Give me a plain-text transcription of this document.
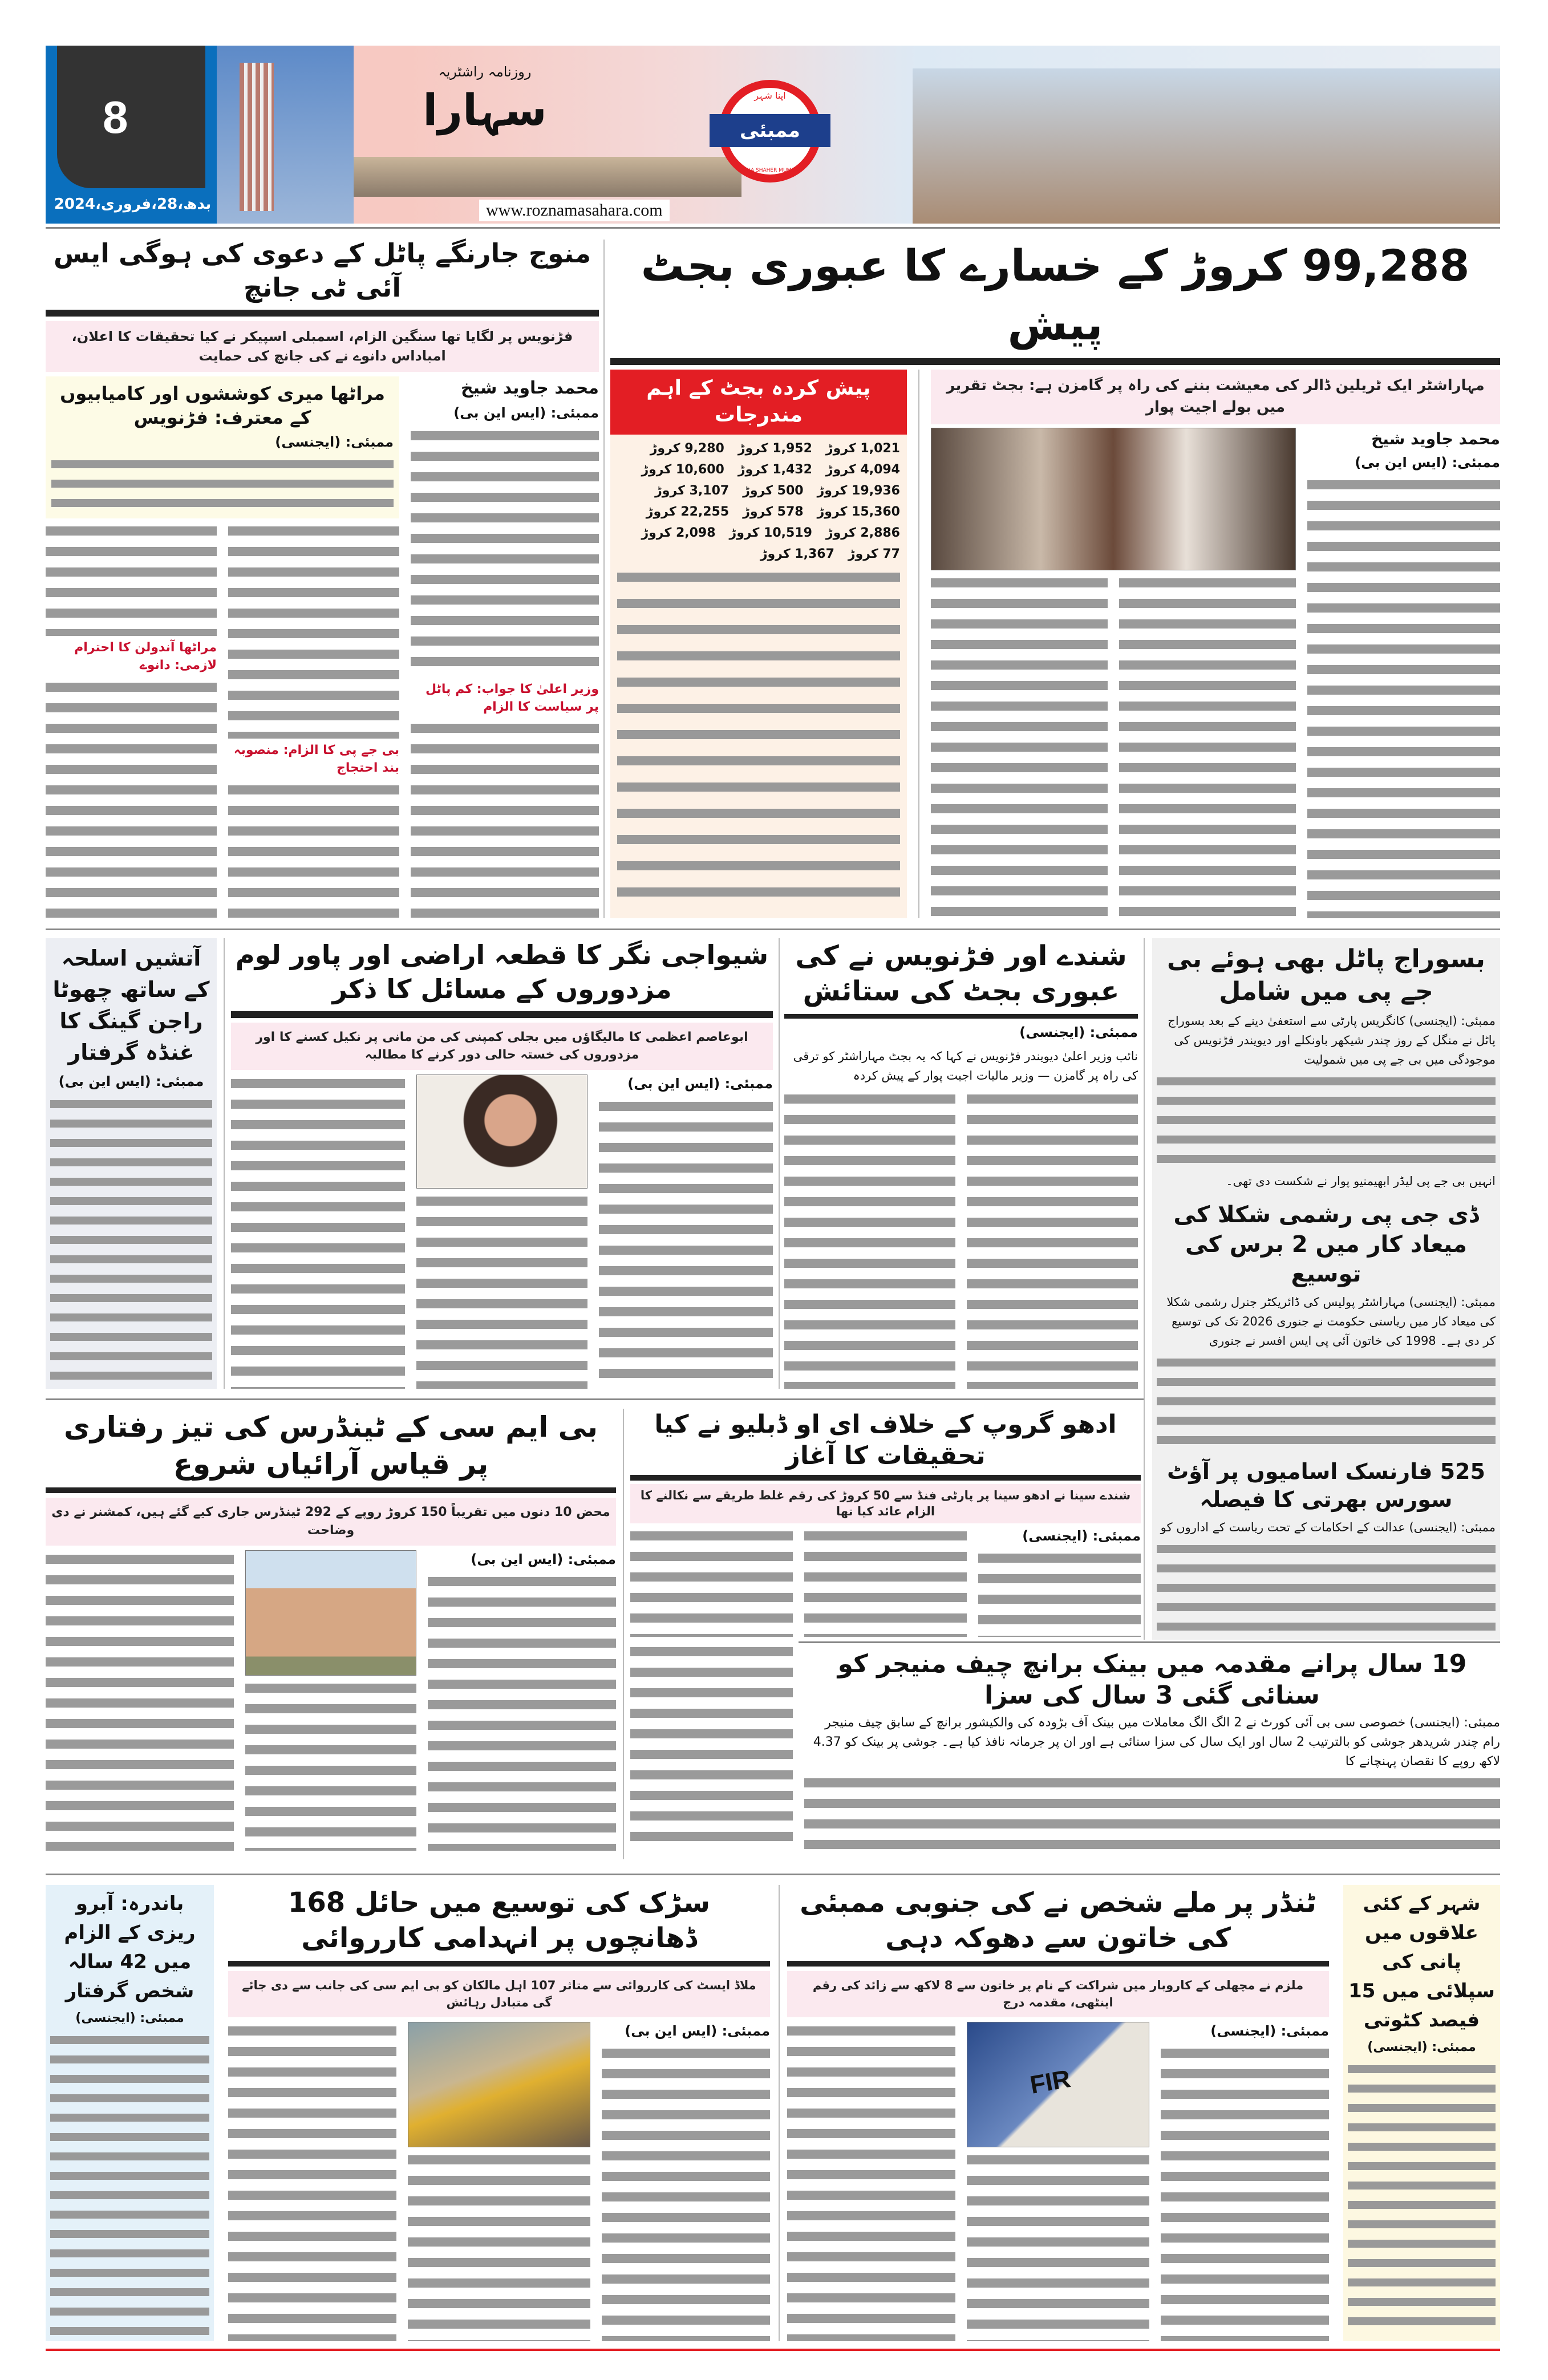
8
بدھ،28،فروری،2024
روزنامہ راشٹریہ
سہارا
www.roznamasahara.com
اپنا شہر
ممبئی
APNA SHAHER MUMBAI
منوج جارنگے پاٹل کے دعوی کی ہوگی ایس آئی ٹی جانچ
فڑنویس پر لگایا تھا سنگین الزام، اسمبلی اسپیکر نے کیا تحقیقات کا اعلان، امباداس دانوے نے کی جانچ کی حمایت
مراٹھا میری کوششوں اور کامیابیوں کے معترف: فڑنویس
ممبئی: (ایجنسی)
مراٹھا آندولن کا احترام لازمی: دانوے
بی جے پی کا الزام: منصوبہ بند احتجاج
محمد جاوید شیخ
ممبئی: (ایس این بی)
وزیر اعلیٰ کا جواب: کم پاٹل پر سیاست کا الزام
99,288 کروڑ کے خسارے کا عبوری بجٹ پیش
پیش کردہ بجٹ کے اہم مندرجات
1,021 کروڑ
1,952 کروڑ
9,280 کروڑ
4,094 کروڑ
1,432 کروڑ
10,600 کروڑ
19,936 کروڑ
500 کروڑ
3,107 کروڑ
15,360 کروڑ
578 کروڑ
22,255 کروڑ
2,886 کروڑ
10,519 کروڑ
2,098 کروڑ
77 کروڑ
1,367 کروڑ
مہاراشٹر ایک ٹریلین ڈالر کی معیشت بننے کی راہ پر گامزن ہے: بجٹ تقریر میں بولے اجیت پوار
محمد جاوید شیخ
ممبئی: (ایس این بی)
آتشیں اسلحہ کے ساتھ چھوٹا راجن گینگ کا غنڈہ گرفتار
ممبئی: (ایس این بی)
شیواجی نگر کا قطعہ اراضی اور پاور لوم مزدوروں کے مسائل کا ذکر
ابوعاصم اعظمی کا مالیگاؤں میں بجلی کمپنی کی من مانی پر نکیل کسنے کا اور مزدوروں کی خستہ حالی دور کرنے کا مطالبہ
ممبئی: (ایس این بی)
شندے اور فڑنویس نے کی عبوری بجٹ کی ستائش
ممبئی: (ایجنسی)
نائب وزیر اعلیٰ دیویندر فڑنویس نے کہا کہ یہ بجٹ مہاراشٹر کو ترقی کی راہ پر گامزن — وزیر مالیات اجیت پوار کے پیش کردہ
بسوراج پاٹل بھی ہوئے بی جے پی میں شامل
ممبئی: (ایجنسی) کانگریس پارٹی سے استعفیٰ دینے کے بعد بسوراج پاٹل نے منگل کے روز چندر شیکھر باونکلے اور دیویندر فڑنویس کی موجودگی میں بی جے پی میں شمولیت
انہیں بی جے پی لیڈر ابھیمنیو پوار نے شکست دی تھی۔
ڈی جی پی رشمی شکلا کی میعاد کار میں 2 برس کی توسیع
ممبئی: (ایجنسی) مہاراشٹر پولیس کی ڈائریکٹر جنرل رشمی شکلا کی میعاد کار میں ریاستی حکومت نے جنوری 2026 تک کی توسیع کر دی ہے۔ 1998 کی خاتون آئی پی ایس افسر نے جنوری
525 فارنسک اسامیوں پر آؤٹ سورس بھرتی کا فیصلہ
ممبئی: (ایجنسی) عدالت کے احکامات کے تحت ریاست کے اداروں کو
بی ایم سی کے ٹینڈرس کی تیز رفتاری پر قیاس آرائیاں شروع
محض 10 دنوں میں تقریباً 150 کروڑ روپے کے 292 ٹینڈرس جاری کیے گئے ہیں، کمشنر نے دی وضاحت
ممبئی: (ایس این بی)
ادھو گروپ کے خلاف ای او ڈبلیو نے کیا تحقیقات کا آغاز
شندے سینا نے ادھو سینا پر پارٹی فنڈ سے 50 کروڑ کی رقم غلط طریقے سے نکالنے کا الزام عائد کیا تھا
ممبئی: (ایجنسی)
19 سال پرانے مقدمہ میں بینک برانچ چیف منیجر کو سنائی گئی 3 سال کی سزا
ممبئی: (ایجنسی) خصوصی سی بی آئی کورٹ نے 2 الگ الگ معاملات میں بینک آف بڑودہ کی والکیشور برانچ کے سابق چیف منیجر رام چندر شریدھر جوشی کو بالترتیب 2 سال اور ایک سال کی سزا سنائی ہے اور ان پر جرمانہ نافذ کیا ہے۔ جوشی پر بینک کو 4.37 لاکھ روپے کا نقصان پہنچانے کا
باندرہ: آبرو ریزی کے الزام میں 42 سالہ شخص گرفتار
ممبئی: (ایجنسی)
سڑک کی توسیع میں حائل 168 ڈھانچوں پر انہدامی کارروائی
ملاڈ ایسٹ کی کارروائی سے متاثر 107 اہل مالکان کو بی ایم سی کی جانب سے دی جائے گی متبادل رہائش
ممبئی: (ایس این بی)
ٹنڈر پر ملے شخص نے کی جنوبی ممبئی کی خاتون سے دھوکہ دہی
ملزم نے مچھلی کے کاروبار میں شراکت کے نام پر خاتون سے 8 لاکھ سے زائد کی رقم اینٹھی، مقدمہ درج
FIR
ممبئی: (ایجنسی)
شہر کے کئی علاقوں میں پانی کی سپلائی میں 15 فیصد کٹوتی
ممبئی: (ایجنسی)
